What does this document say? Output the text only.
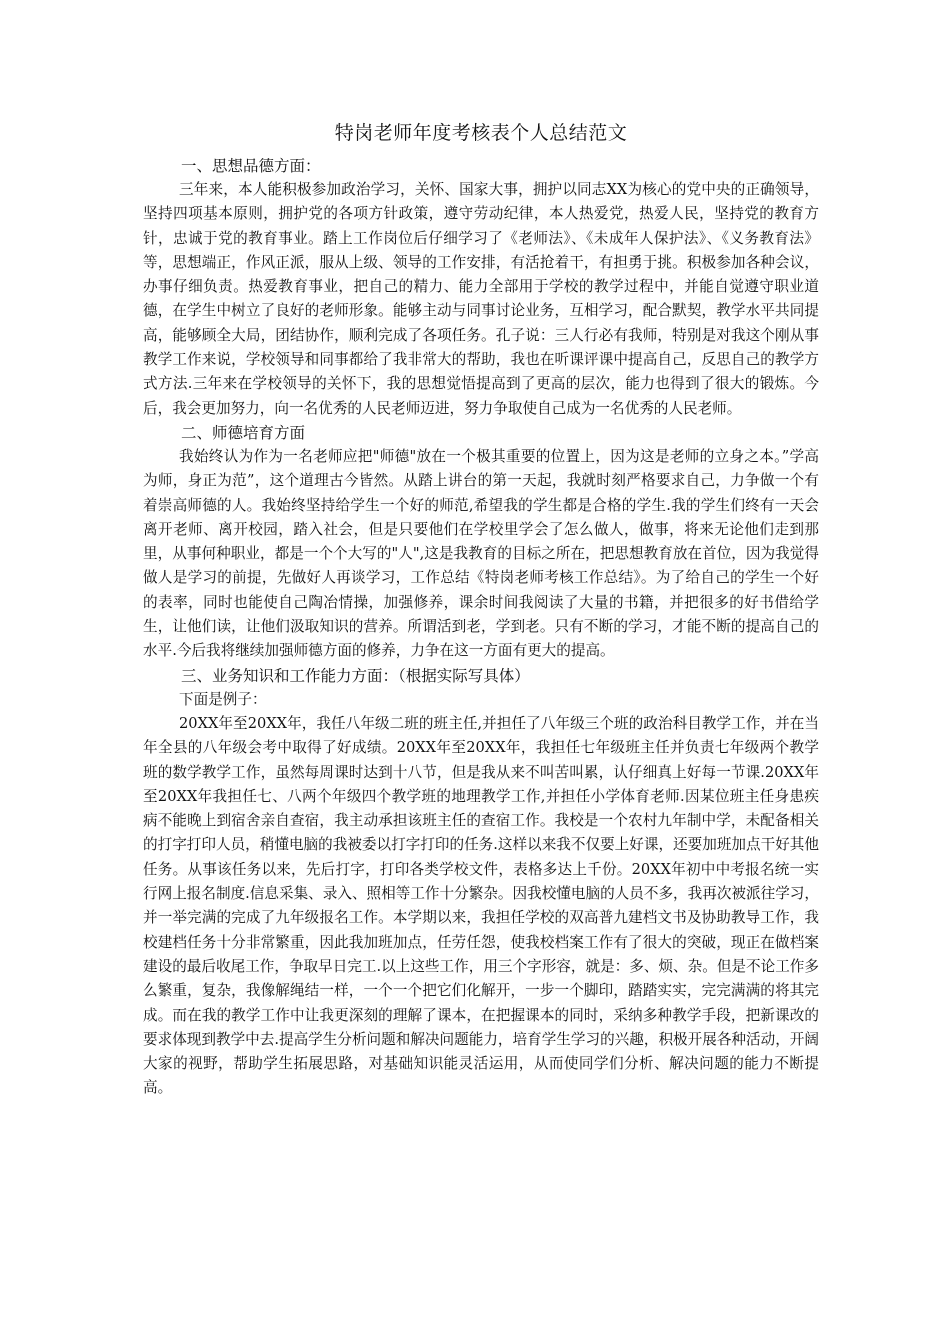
特岗老师年度考核表个人总结范文
一、思想品德方面：

三年来，本人能积极参加政治学习，关怀、国家大事，拥护以同志XX为核心的党中央的正确领导，坚持四项基本原则，拥护党的各项方针政策，遵守劳动纪律，本人热爱党，热爱人民，坚持党的教育方针，忠诚于党的教育事业。踏上工作岗位后仔细学习了《老师法》、《未成年人保护法》、《义务教育法》等，思想端正，作风正派，服从上级、领导的工作安排，有活抢着干，有担勇于挑。积极参加各种会议，办事仔细负责。热爱教育事业，把自己的精力、能力全部用于学校的教学过程中，并能自觉遵守职业道德，在学生中树立了良好的老师形象。能够主动与同事讨论业务，互相学习，配合默契，教学水平共同提高，能够顾全大局，团结协作，顺利完成了各项任务。孔子说：三人行必有我师，特别是对我这个刚从事教学工作来说，学校领导和同事都给了我非常大的帮助，我也在听课评课中提高自己，反思自己的教学方式方法.三年来在学校领导的关怀下，我的思想觉悟提高到了更高的层次，能力也得到了很大的锻炼。今后，我会更加努力，向一名优秀的人民老师迈进，努力争取使自己成为一名优秀的人民老师。

二、师德培育方面

我始终认为作为一名老师应把"师德"放在一个极其重要的位置上，因为这是老师的立身之本。”学高为师，身正为范”，这个道理古今皆然。从踏上讲台的第一天起，我就时刻严格要求自己，力争做一个有着崇高师德的人。我始终坚持给学生一个好的师范,希望我的学生都是合格的学生.我的学生们终有一天会离开老师、离开校园，踏入社会，但是只要他们在学校里学会了怎么做人，做事，将来无论他们走到那里，从事何种职业，都是一个个大写的"人",这是我教育的目标之所在，把思想教育放在首位，因为我觉得做人是学习的前提，先做好人再谈学习，工作总结《特岗老师考核工作总结》。为了给自己的学生一个好的表率，同时也能使自己陶冶情操，加强修养，课余时间我阅读了大量的书籍，并把很多的好书借给学生，让他们读，让他们汲取知识的营养。所谓活到老，学到老。只有不断的学习，才能不断的提高自己的水平.今后我将继续加强师德方面的修养，力争在这一方面有更大的提高。

三、业务知识和工作能力方面：（根据实际写具体）

下面是例子：

20XX年至20XX年，我任八年级二班的班主任,并担任了八年级三个班的政治科目教学工作，并在当年全县的八年级会考中取得了好成绩。20XX年至20XX年，我担任七年级班主任并负责七年级两个教学班的数学教学工作，虽然每周课时达到十八节，但是我从来不叫苦叫累，认仔细真上好每一节课.20XX年至20XX年我担任七、八两个年级四个教学班的地理教学工作,并担任小学体育老师.因某位班主任身患疾病不能晚上到宿舍亲自查宿，我主动承担该班主任的查宿工作。我校是一个农村九年制中学，未配备相关的打字打印人员，稍懂电脑的我被委以打字打印的任务.这样以来我不仅要上好课，还要加班加点干好其他任务。从事该任务以来，先后打字，打印各类学校文件，表格多达上千份。20XX年初中中考报名统一实行网上报名制度.信息采集、录入、照相等工作十分繁杂。因我校懂电脑的人员不多，我再次被派往学习，并一举完满的完成了九年级报名工作。本学期以来，我担任学校的双高普九建档文书及协助教导工作，我校建档任务十分非常繁重，因此我加班加点，任劳任怨，使我校档案工作有了很大的突破，现正在做档案建设的最后收尾工作，争取早日完工.以上这些工作，用三个字形容，就是：多、烦、杂。但是不论工作多么繁重，复杂，我像解绳结一样，一个一个把它们化解开，一步一个脚印，踏踏实实，完完满满的将其完成。而在我的教学工作中让我更深刻的理解了课本，在把握课本的同时，采纳多种教学手段，把新课改的要求体现到教学中去.提高学生分析问题和解决问题能力，培育学生学习的兴趣，积极开展各种活动，开阔大家的视野，帮助学生拓展思路，对基础知识能灵活运用，从而使同学们分析、解决问题的能力不断提高。
